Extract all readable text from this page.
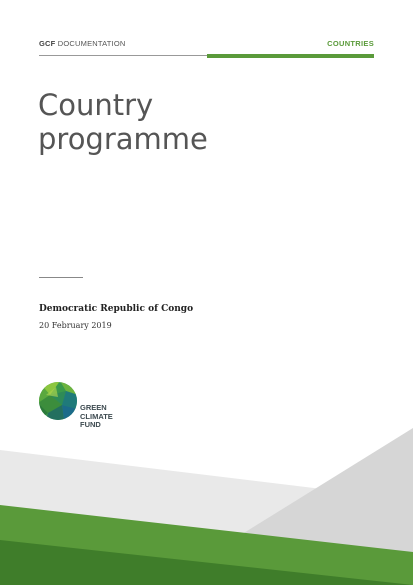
GCF DOCUMENTATION	COUNTRIES
Country
programme
Democratic Republic of Congo
20 February 2019
GREEN
CLIMATE
FUND
